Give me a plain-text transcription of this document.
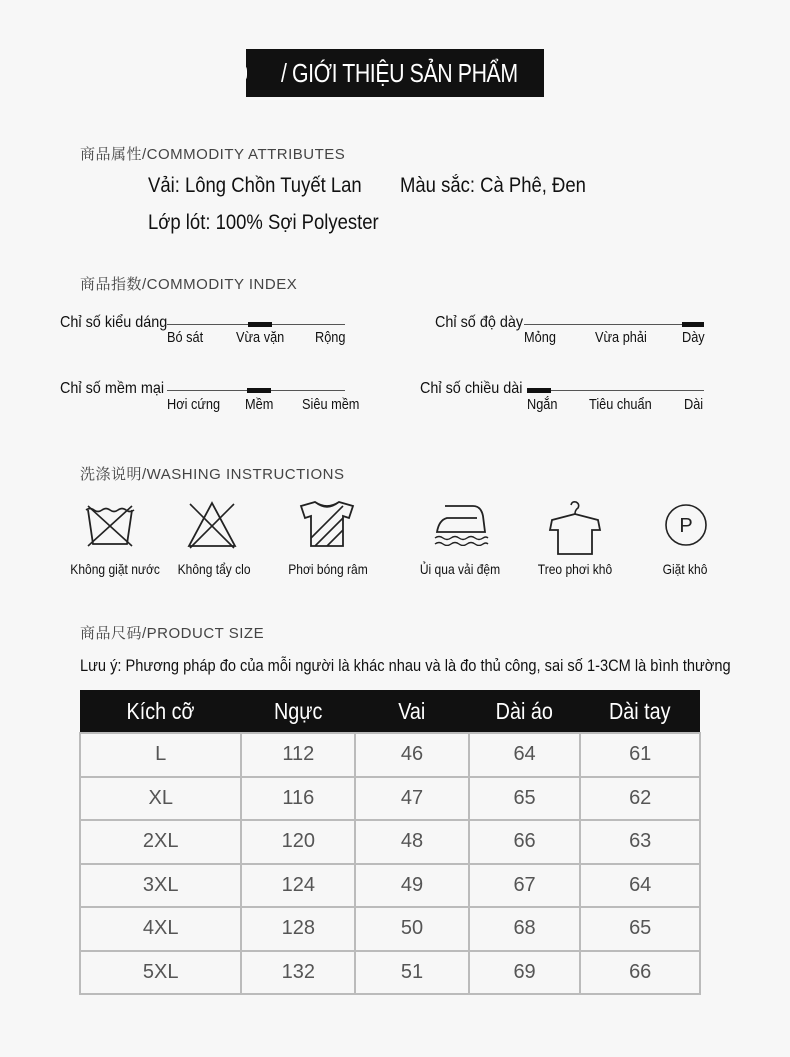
/ GIỚI THIỆU SẢN PHẨM
商品属性/COMMODITY ATTRIBUTES
Vải: Lông Chồn Tuyết Lan Màu sắc: Cà Phê, Đen
Lớp lót: 100% Sợi Polyester
商品指数/COMMODITY INDEX
Chỉ số kiểu dáng
Bó sát Vừa vặn Rộng
Chỉ số độ dày
Mỏng	Vừa phải Dày
Chỉ số mềm mại
Hơi cứng Mềm Siêu mềm
Chỉ số chiều dài
Ngắn Tiêu chuẩn Dài
洗涤说明/WASHING INSTRUCTIONS
Không giặt nước Không tẩy clo	Phơi bóng râm	Ủi qua vải đệm	Treo phơi khô
P
Giặt khô
商品尺码/PRODUCT SIZE
Lưu ý: Phương pháp đo của mỗi người là khác nhau và là đo thủ công, sai số 1-3CM là bình thường
Kích cỡ	Ngực	Vai	Dài áo	Dài tay
L	112	46	64	61
XL	116	47	65	62
2XL	120	48	66	63
3XL	124	49	67	64
4XL	128	50	68	65
5XL	132	51	69	66
